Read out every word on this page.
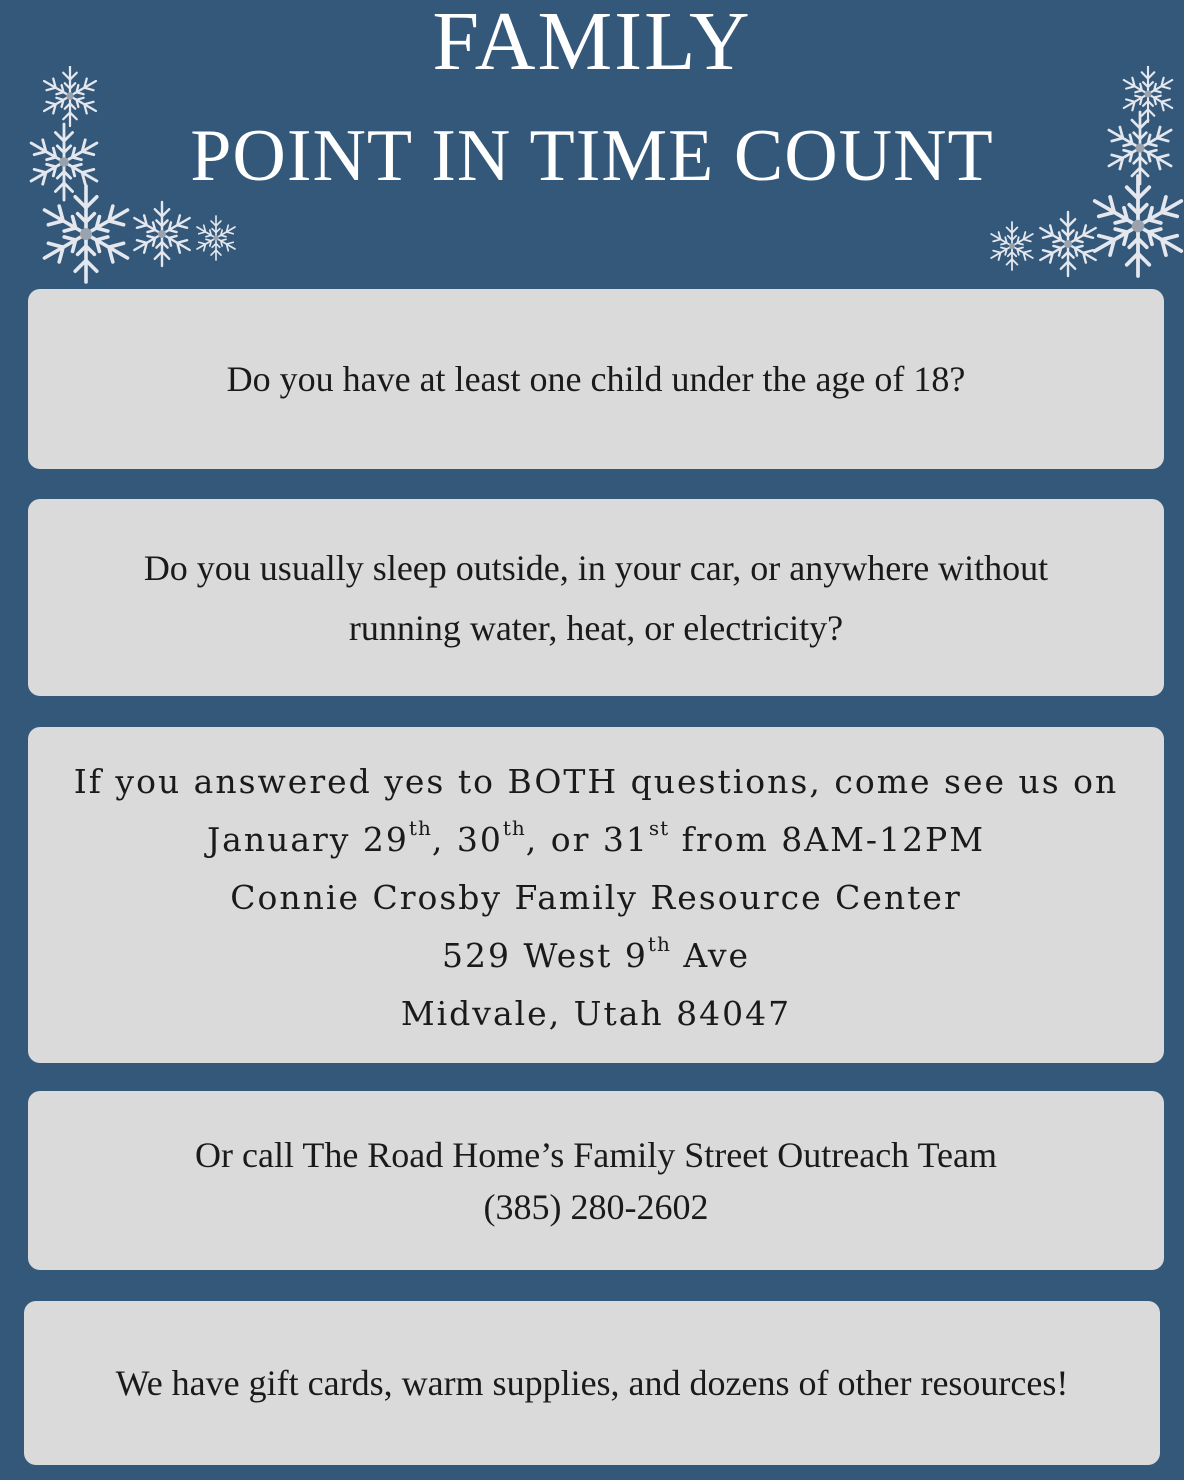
FAMILY
POINT IN TIME COUNT
Do you have at least one child under the age of 18?
Do you usually sleep outside, in your car, or anywhere without
running water, heat, or electricity?
If you answered yes to BOTH questions, come see us on
January 29th, 30th, or 31st from 8AM-12PM
Connie Crosby Family Resource Center
529 West 9th Ave
Midvale, Utah 84047
Or call The Road Home’s Family Street Outreach Team
(385) 280-2602
We have gift cards, warm supplies, and dozens of other resources!
